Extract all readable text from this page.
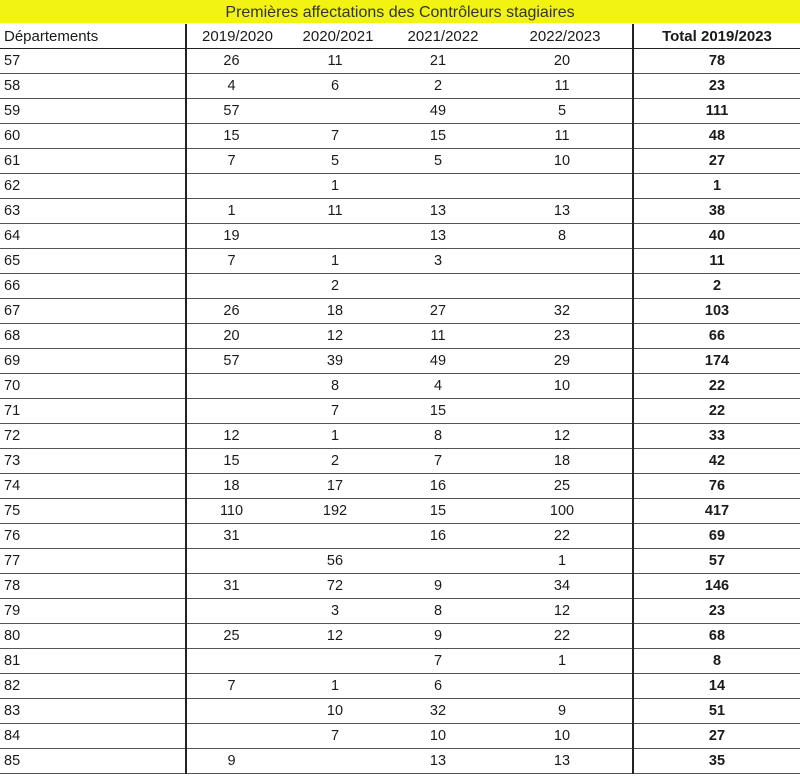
Premières affectations des Contrôleurs stagiaires
Départements	2019/2020	2020/2021	2021/2022	2022/2023	Total 2019/2023
57	26	11	21	20	78
58	4	6	2	11	23
59	57		49	5	111
60	15	7	15	11	48
61	7	5	5	10	27
62		1			1
63	1	11	13	13	38
64	19		13	8	40
65	7	1	3		11
66		2			2
67	26	18	27	32	103
68	20	12	11	23	66
69	57	39	49	29	174
70		8	4	10	22
71		7	15		22
72	12	1	8	12	33
73	15	2	7	18	42
74	18	17	16	25	76
75	110	192	15	100	417
76	31		16	22	69
77		56		1	57
78	31	72	9	34	146
79		3	8	12	23
80	25	12	9	22	68
81			7	1	8
82	7	1	6		14
83		10	32	9	51
84		7	10	10	27
85	9		13	13	35
